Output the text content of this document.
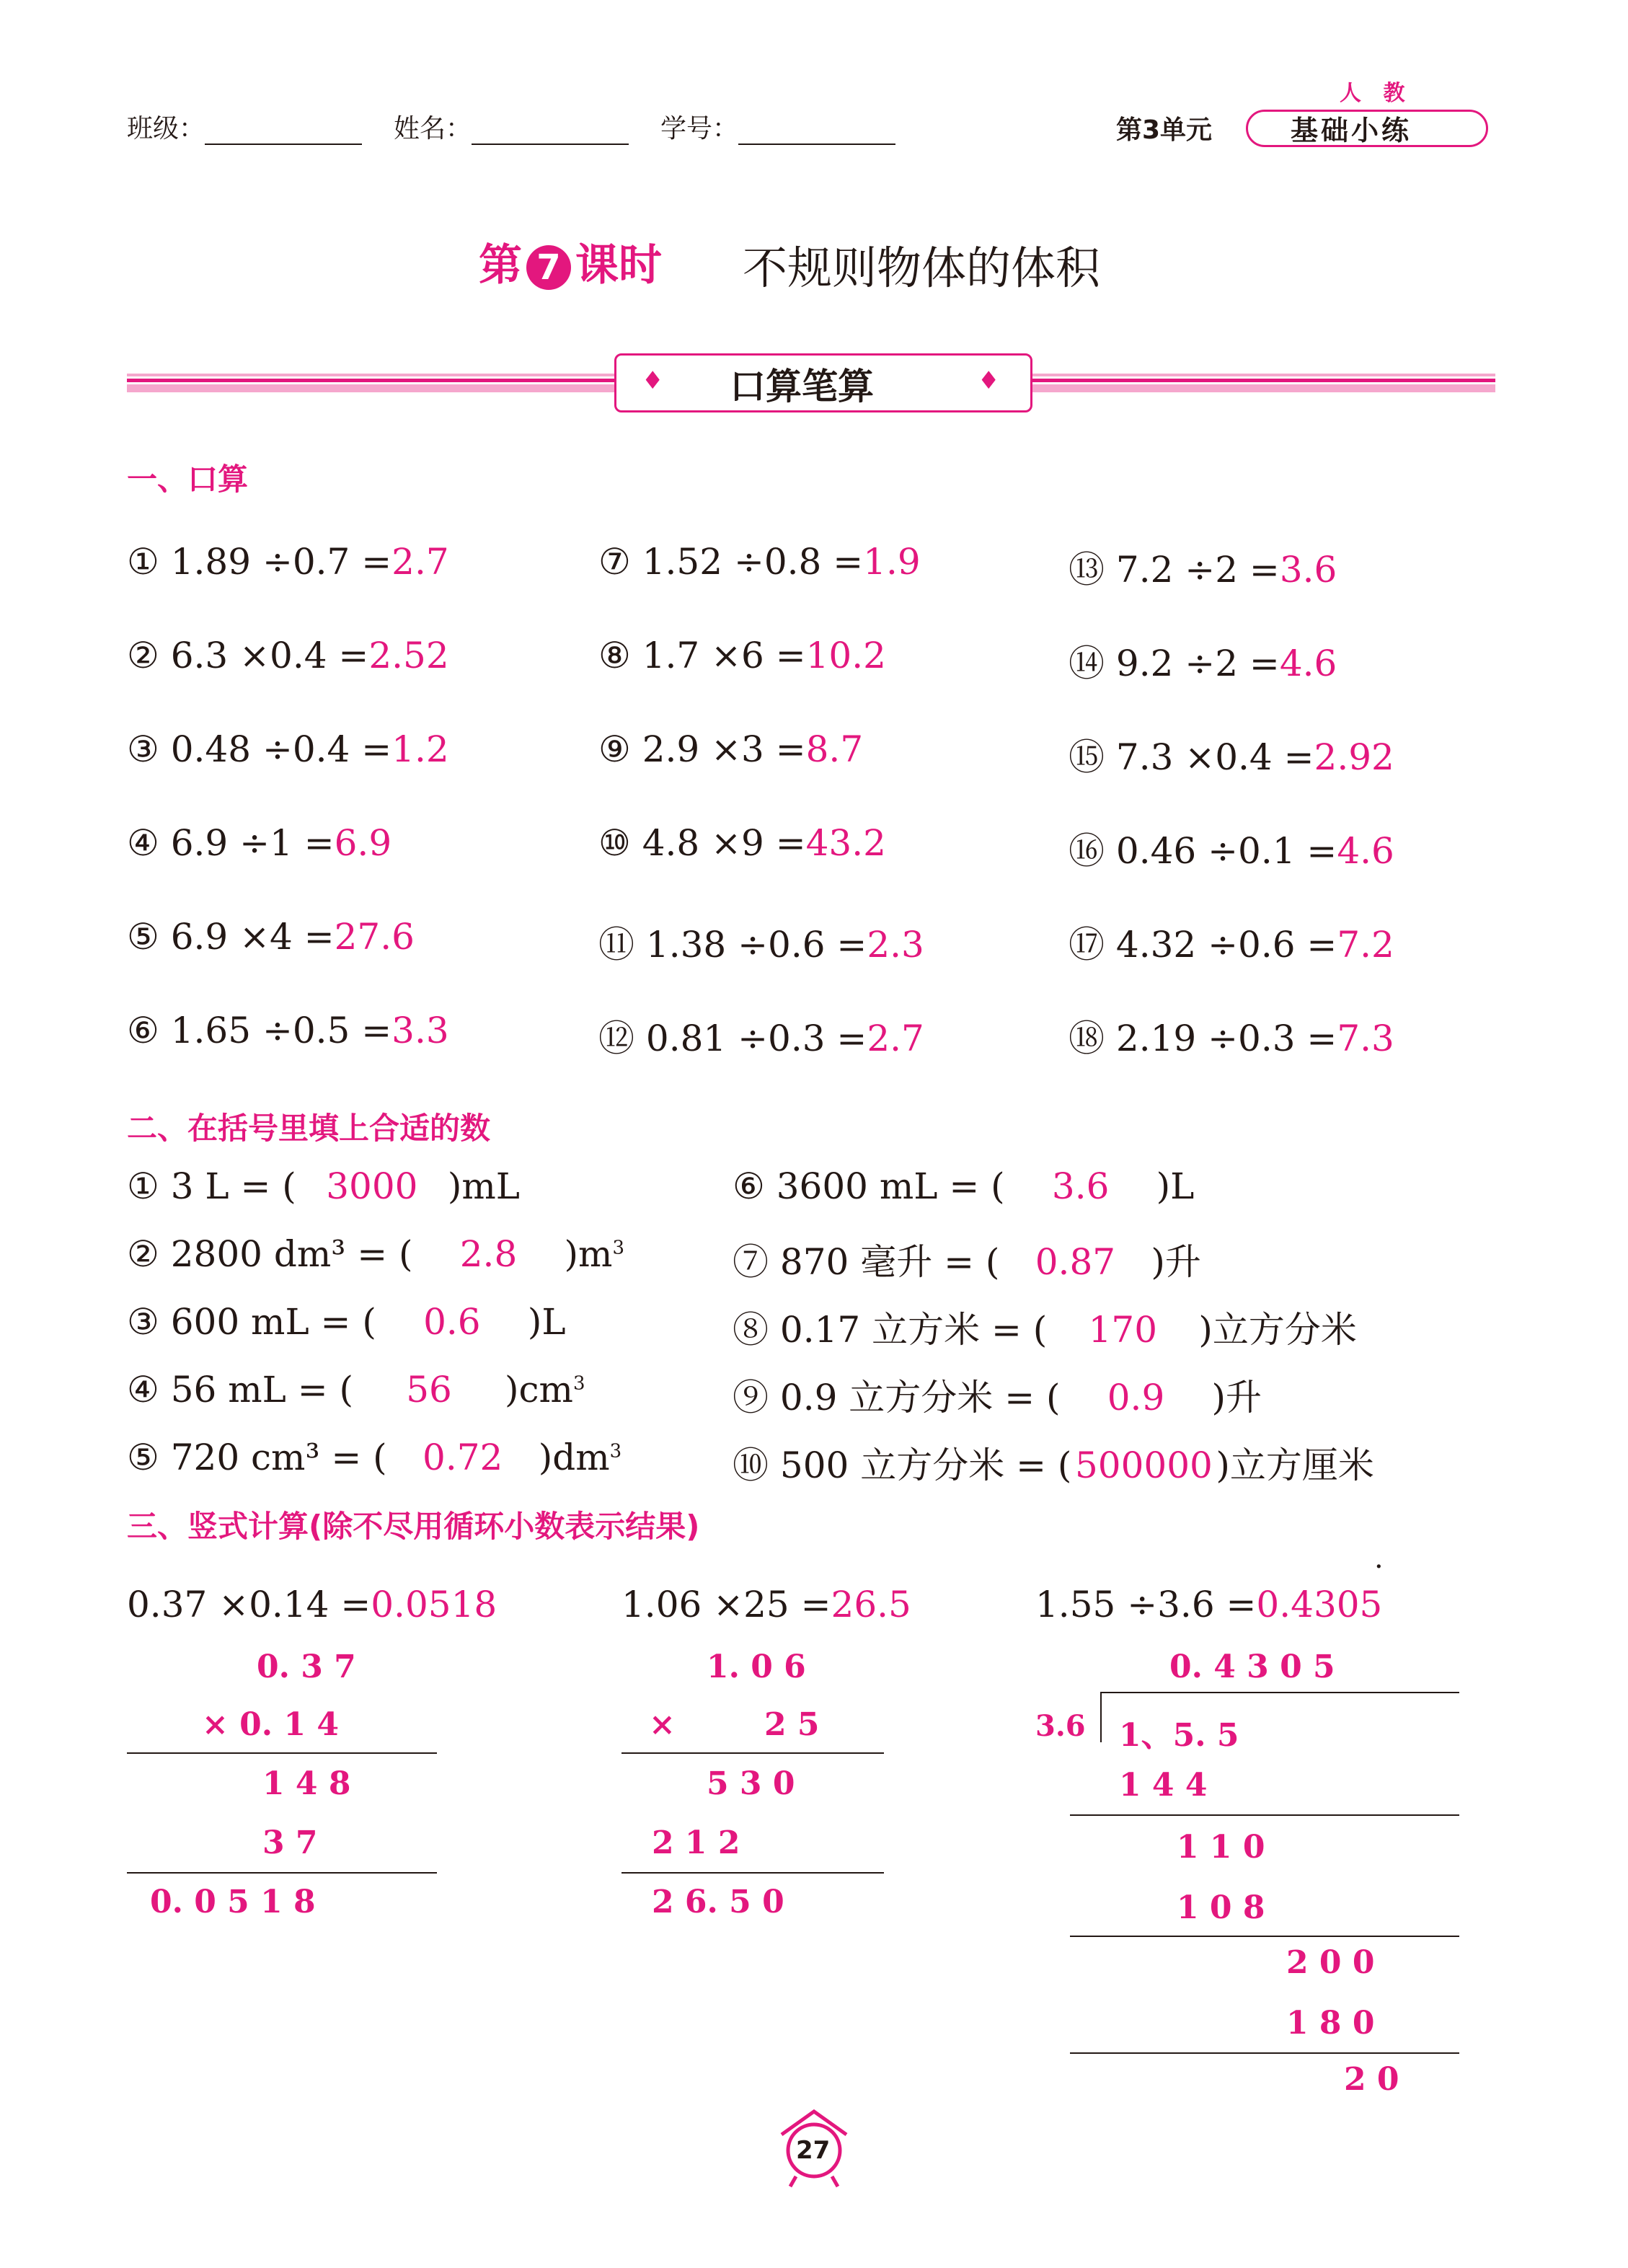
班级：	姓名：	学号：	第3单元
人 教
基础小练
第 7 课时 不规则物体的体积
♦	♦
口算笔算
一、口算
① 1.89 ÷0.7 =2.7	⑦ 1.52 ÷0.8 =1.9	⑬ 7.2 ÷2 =3.6
② 6.3 ×0.4 =2.52	⑧ 1.7 ×6 =10.2	⑭ 9.2 ÷2 =4.6
③ 0.48 ÷0.4 =1.2	⑨ 2.9 ×3 =8.7	⑮ 7.3 ×0.4 =2.92
④ 6.9 ÷1 =6.9	⑩ 4.8 ×9 =43.2	⑯ 0.46 ÷0.1 =4.6
⑤ 6.9 ×4 =27.6	⑪ 1.38 ÷0.6 =2.3	⑰ 4.32 ÷0.6 =7.2
⑥ 1.65 ÷0.5 =3.3	⑫ 0.81 ÷0.3 =2.7	⑱ 2.19 ÷0.3 =7.3
二、在括号里填上合适的数
① 3 L = ( 3000 )mL
② 2800 dm³ = ( 2.8 )$m^3$
③ 600 mL = ( 0.6 )L
④ 56 mL = ( 56 )$cm^3$
⑤ 720 cm³ = ( 0.72 )$dm^3$
⑥ 3600 mL = ( 3.6 )L
⑦ 870 毫升 = ( 0.87 )升
⑧ 0.17 立方米 = ( 170 )立方分米
⑨ 0.9 立方分米 = ( 0.9 )升
⑩ 500 立方分米 = (500000)立方厘米
三、竖式计算(除不尽用循环小数表示结果)
0.37 ×0.14 =0.0518	1.06 ×25 =26.5	1.55 ÷3.6 =0.4305
·
0. 3 7
× 0. 1 4
1 4 8
3 7
0. 0 5 1 8
1. 0 6
×	2 5
5 3 0
2 1 2
2 6. 5 0
0. 4 3 0 5
3.6 1、5. 5
1 4 4
1 1 0
1 0 8
2 0 0
1 8 0
2 0
27
